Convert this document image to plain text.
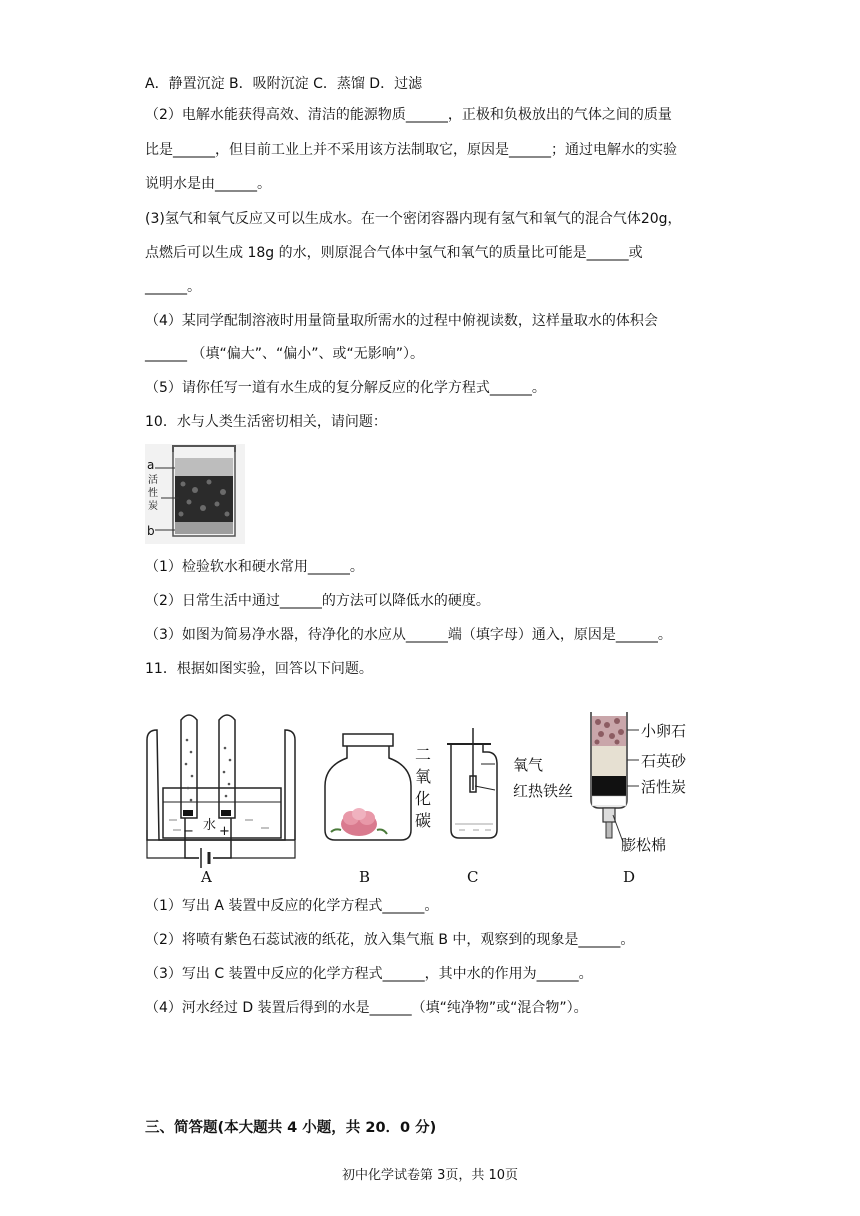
A．静置沉淀 B．吸附沉淀 C．蒸馏 D．过滤
（2）电解水能获得高效、清洁的能源物质______，正极和负极放出的气体之间的质量
比是______，但目前工业上并不采用该方法制取它，原因是______；通过电解水的实验
说明水是由______。
(3)氢气和氧气反应又可以生成水。在一个密闭容器内现有氢气和氧气的混合气体20g，
点燃后可以生成 18g 的水，则原混合气体中氢气和氧气的质量比可能是______或
______。
（4）某同学配制溶液时用量筒量取所需水的过程中俯视读数，这样量取水的体积会
______ （填“偏大”、“偏小”、或“无影响”）。
（5）请你任写一道有水生成的复分解反应的化学方程式______。
10．水与人类生活密切相关，请问题：
a
活
性
炭
b
（1）检验软水和硬水常用______。
（2）日常生活中通过______的方法可以降低水的硬度。
（3）如图为简易净水器，待净化的水应从______端（填字母）通入，原因是______。
11．根据如图实验，回答以下问题。
水
− +
A
二
氧
化
碳
B
氧气
红热铁丝
C
小卵石
石英砂
活性炭
膨松棉
D
（1）写出 A 装置中反应的化学方程式______。
（2）将喷有紫色石蕊试液的纸花，放入集气瓶 B 中，观察到的现象是______。
（3）写出 C 装置中反应的化学方程式______，其中水的作用为______。
（4）河水经过 D 装置后得到的水是______（填“纯净物”或“混合物”）。
三、简答题(本大题共 4 小题，共 20．0 分)
初中化学试卷第 3页，共 10页
